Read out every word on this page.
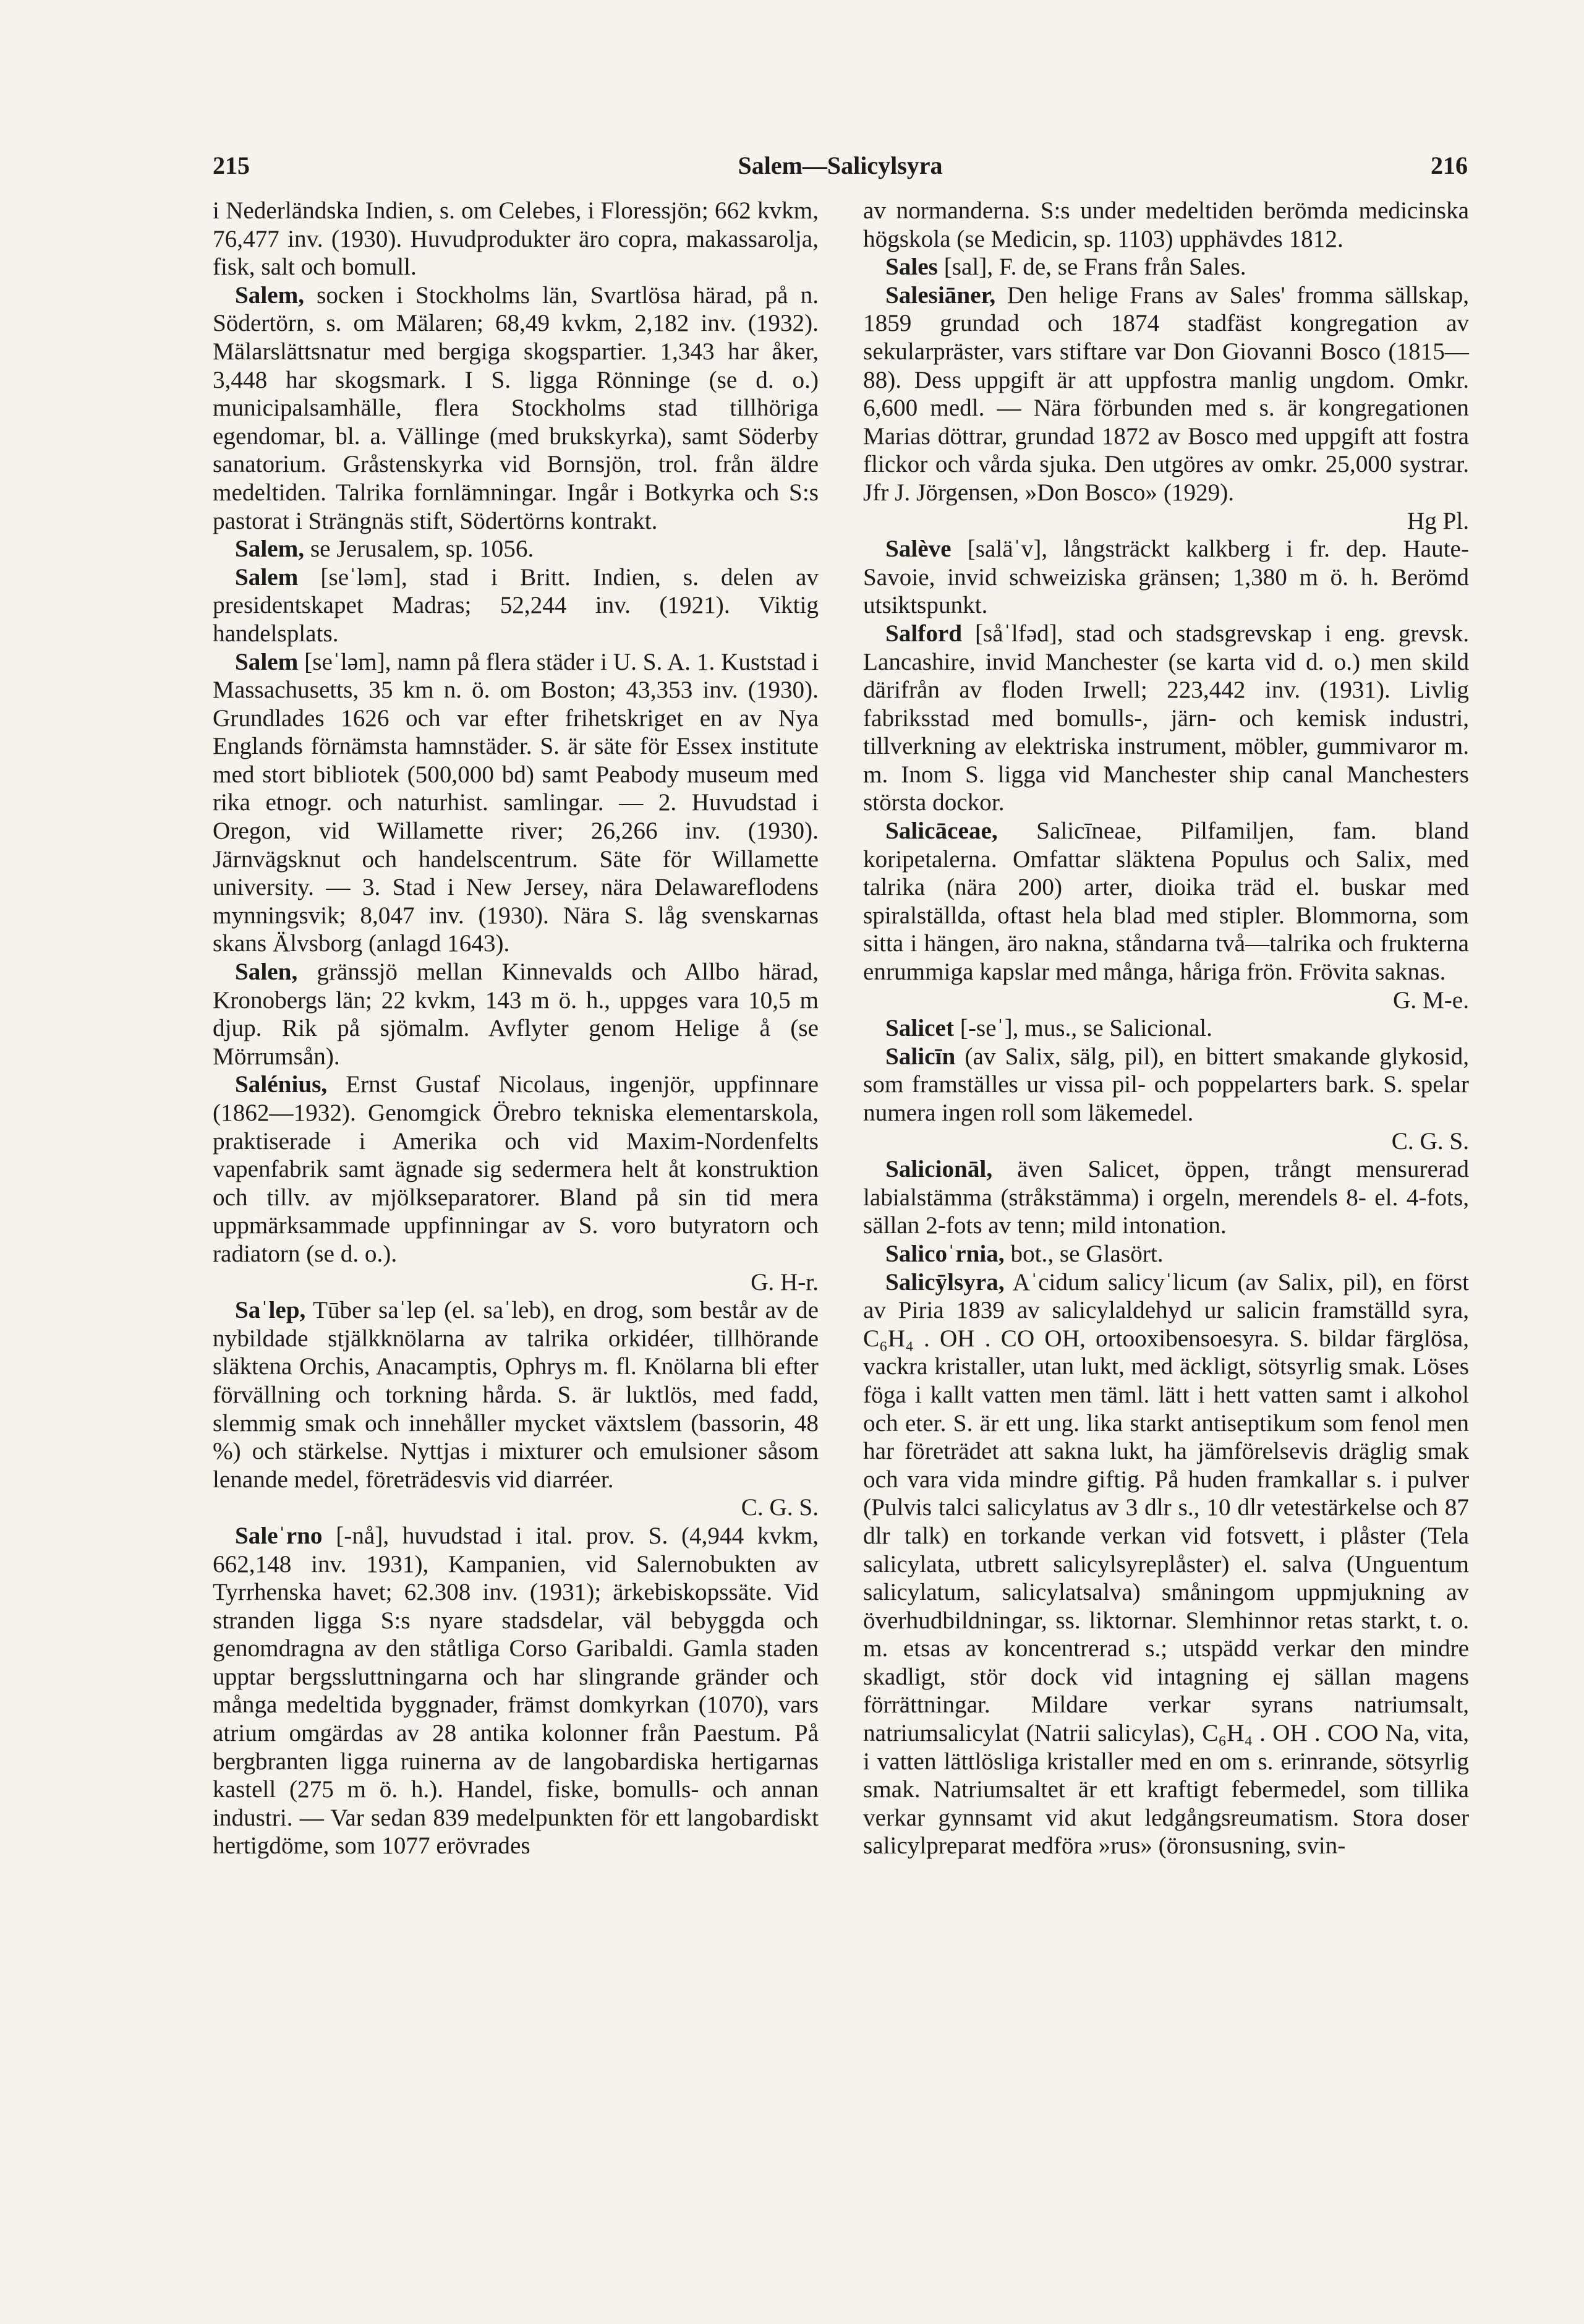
215	Salem—Salicylsyra	216

i Nederländska Indien, s. om Celebes, i Floressjön; 662 kvkm, 76,477 inv. (1930). Huvudprodukter äro copra, makassarolja, fisk, salt och bomull.

Salem, socken i Stockholms län, Svartlösa härad, på n. Södertörn, s. om Mälaren; 68,49 kvkm, 2,182 inv. (1932). Mälarslättsnatur med bergiga skogspartier. 1,343 har åker, 3,448 har skogsmark. I S. ligga Rönninge (se d. o.) municipalsamhälle, flera Stockholms stad tillhöriga egendomar, bl. a. Vällinge (med brukskyrka), samt Söderby sanatorium. Gråstenskyrka vid Bornsjön, trol. från äldre medeltiden. Talrika fornlämningar. Ingår i Botkyrka och S:s pastorat i Strängnäs stift, Södertörns kontrakt.

Salem, se Jerusalem, sp. 1056.

Salem [seˈləm], stad i Britt. Indien, s. delen av presidentskapet Madras; 52,244 inv. (1921). Viktig handelsplats.

Salem [seˈləm], namn på flera städer i U. S. A. 1. Kuststad i Massachusetts, 35 km n. ö. om Boston; 43,353 inv. (1930). Grundlades 1626 och var efter frihetskriget en av Nya Englands förnämsta hamnstäder. S. är säte för Essex institute med stort bibliotek (500,000 bd) samt Peabody museum med rika etnogr. och naturhist. samlingar. — 2. Huvudstad i Oregon, vid Willamette river; 26,266 inv. (1930). Järnvägsknut och handelscentrum. Säte för Willamette university. — 3. Stad i New Jersey, nära Delawareflodens mynningsvik; 8,047 inv. (1930). Nära S. låg svenskarnas skans Älvsborg (anlagd 1643).

Salen, gränssjö mellan Kinnevalds och Allbo härad, Kronobergs län; 22 kvkm, 143 m ö. h., uppges vara 10,5 m djup. Rik på sjömalm. Avflyter genom Helige å (se Mörrumsån).

Salénius, Ernst Gustaf Nicolaus, ingenjör, uppfinnare (1862—1932). Genomgick Örebro tekniska elementarskola, praktiserade i Amerika och vid Maxim-Nordenfelts vapenfabrik samt ägnade sig sedermera helt åt konstruktion och tillv. av mjölkseparatorer. Bland på sin tid mera uppmärksammade uppfinningar av S. voro butyratorn och radiatorn (se d. o.).
G. H-r.

Saˈlep, Tūber saˈlep (el. saˈleb), en drog, som består av de nybildade stjälkknölarna av talrika orkidéer, tillhörande släktena Orchis, Anacamptis, Ophrys m. fl. Knölarna bli efter förvällning och torkning hårda. S. är luktlös, med fadd, slemmig smak och innehåller mycket växtslem (bassorin, 48 %) och stärkelse. Nyttjas i mixturer och emulsioner såsom lenande medel, företrädesvis vid diarréer.
C. G. S.

Saleˈrno [-nå], huvudstad i ital. prov. S. (4,944 kvkm, 662,148 inv. 1931), Kampanien, vid Salernobukten av Tyrrhenska havet; 62.308 inv. (1931); ärkebiskopssäte. Vid stranden ligga S:s nyare stadsdelar, väl bebyggda och genomdragna av den ståtliga Corso Garibaldi. Gamla staden upptar bergssluttningarna och har slingrande gränder och många medeltida byggnader, främst domkyrkan (1070), vars atrium omgärdas av 28 antika kolonner från Paestum. På bergbranten ligga ruinerna av de langobardiska hertigarnas kastell (275 m ö. h.). Handel, fiske, bomulls- och annan industri. — Var sedan 839 medelpunkten för ett langobardiskt hertigdöme, som 1077 erövrades

av normanderna. S:s under medeltiden berömda medicinska högskola (se Medicin, sp. 1103) upphävdes 1812.

Sales [sal], F. de, se Frans från Sales.

Salesiāner, Den helige Frans av Sales' fromma sällskap, 1859 grundad och 1874 stadfäst kongregation av sekularpräster, vars stiftare var Don Giovanni Bosco (1815—88). Dess uppgift är att uppfostra manlig ungdom. Omkr. 6,600 medl. — Nära förbunden med s. är kongregationen Marias döttrar, grundad 1872 av Bosco med uppgift att fostra flickor och vårda sjuka. Den utgöres av omkr. 25,000 systrar. Jfr J. Jörgensen, »Don Bosco» (1929).
Hg Pl.

Salève [saläˈv], långsträckt kalkberg i fr. dep. Haute-Savoie, invid schweiziska gränsen; 1,380 m ö. h. Berömd utsiktspunkt.

Salford [såˈlfəd], stad och stadsgrevskap i eng. grevsk. Lancashire, invid Manchester (se karta vid d. o.) men skild därifrån av floden Irwell; 223,442 inv. (1931). Livlig fabriksstad med bomulls-, järn- och kemisk industri, tillverkning av elektriska instrument, möbler, gummivaror m. m. Inom S. ligga vid Manchester ship canal Manchesters största dockor.

Salicāceae, Salicīneae, Pilfamiljen, fam. bland koripetalerna. Omfattar släktena Populus och Salix, med talrika (nära 200) arter, dioika träd el. buskar med spiralställda, oftast hela blad med stipler. Blommorna, som sitta i hängen, äro nakna, ståndarna två—talrika och frukterna enrummiga kapslar med många, håriga frön. Frövita saknas.
G. M-e.

Salicet [-seˈ], mus., se Salicional.

Salicīn (av Salix, sälg, pil), en bittert smakande glykosid, som framställes ur vissa pil- och poppelarters bark. S. spelar numera ingen roll som läkemedel.
C. G. S.

Salicionāl, även Salicet, öppen, trångt mensurerad labialstämma (stråkstämma) i orgeln, merendels 8- el. 4-fots, sällan 2-fots av tenn; mild intonation.

Salicoˈrnia, bot., se Glasört.

Salicȳlsyra, Aˈcidum salicyˈlicum (av Salix, pil), en först av Piria 1839 av salicylaldehyd ur salicin framställd syra, C₆H₄ . OH . CO OH, ortooxibensoesyra. S. bildar färglösa, vackra kristaller, utan lukt, med äckligt, sötsyrlig smak. Löses föga i kallt vatten men täml. lätt i hett vatten samt i alkohol och eter. S. är ett ung. lika starkt antiseptikum som fenol men har företrädet att sakna lukt, ha jämförelsevis dräglig smak och vara vida mindre giftig. På huden framkallar s. i pulver (Pulvis talci salicylatus av 3 dlr s., 10 dlr vetestärkelse och 87 dlr talk) en torkande verkan vid fotsvett, i plåster (Tela salicylata, utbrett salicylsyreplåster) el. salva (Unguentum salicylatum, salicylatsalva) småningom uppmjukning av överhudbildningar, ss. liktornar. Slemhinnor retas starkt, t. o. m. etsas av koncentrerad s.; utspädd verkar den mindre skadligt, stör dock vid intagning ej sällan magens förrättningar. Mildare verkar syrans natriumsalt, natriumsalicylat (Natrii salicylas), C₆H₄ . OH . COO Na, vita, i vatten lättlösliga kristaller med en om s. erinrande, sötsyrlig smak. Natriumsaltet är ett kraftigt febermedel, som tillika verkar gynnsamt vid akut ledgångsreumatism. Stora doser salicylpreparat medföra »rus» (öronsusning, svin-
